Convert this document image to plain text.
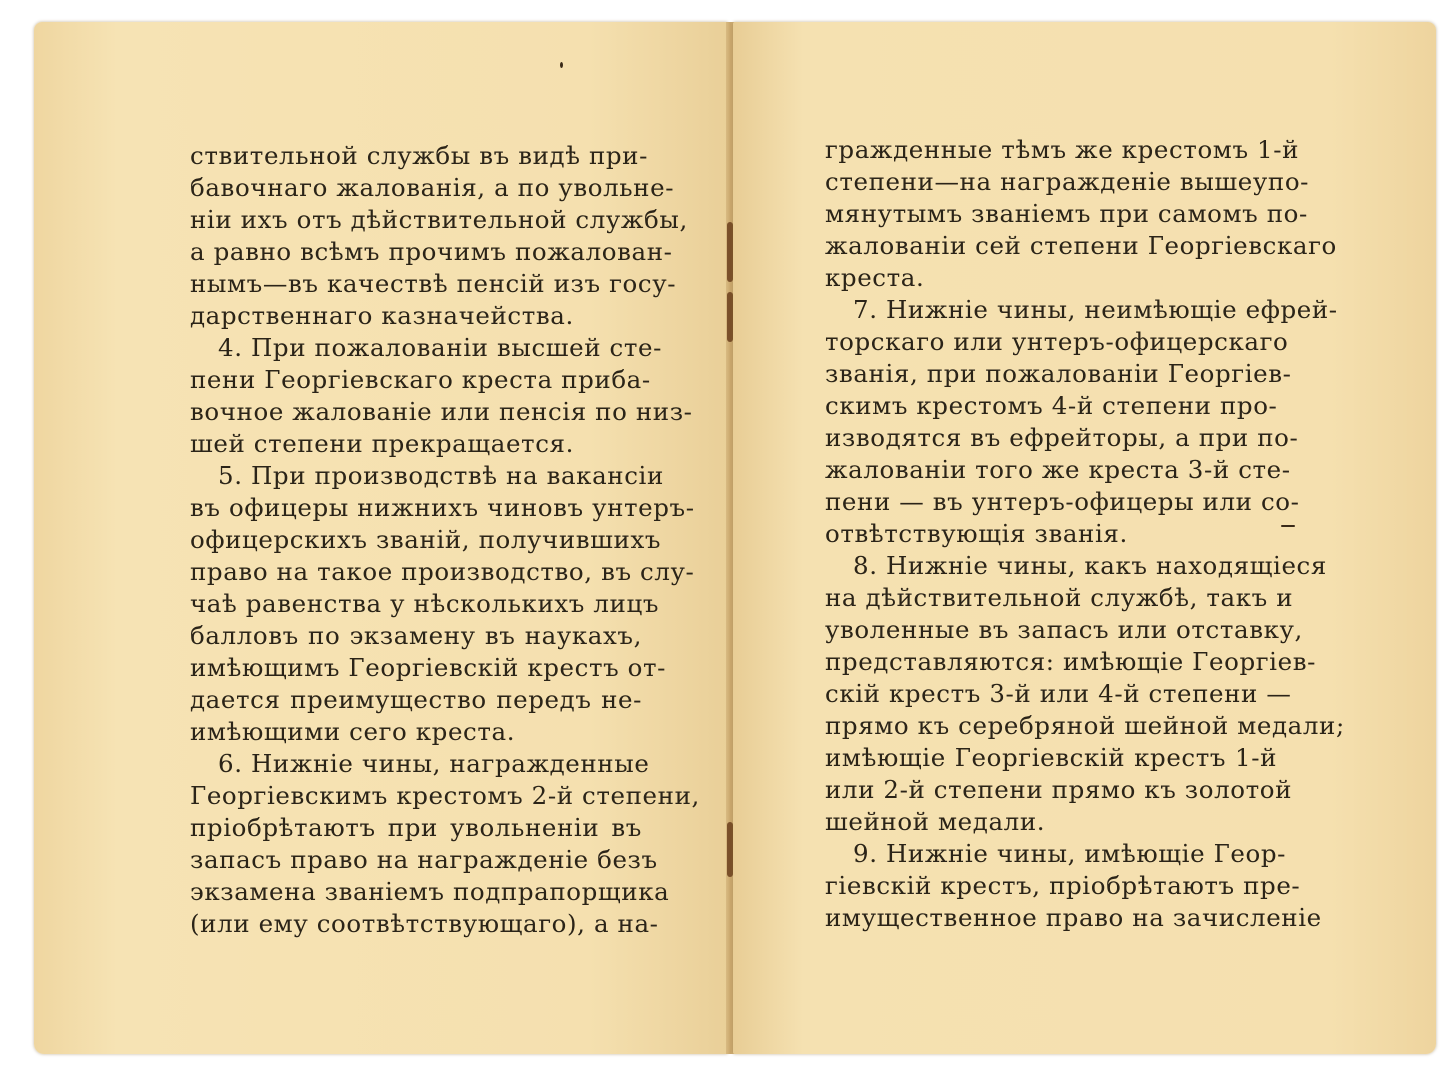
ствительной службы въ видѣ при-
бавочнаго жалованія, а по увольне-
ніи ихъ отъ дѣйствительной службы,
а равно всѣмъ прочимъ пожалован-
нымъ—въ качествѣ пенсій изъ госу-
дарственнаго казначейства.
4. При пожалованіи высшей сте-
пени Георгіевскаго креста приба-
вочное жалованіе или пенсія по низ-
шей степени прекращается.
5. При производствѣ на вакансіи
въ офицеры нижнихъ чиновъ унтеръ-
офицерскихъ званій, получившихъ
право на такое производство, въ слу-
чаѣ равенства у нѣсколькихъ лицъ
балловъ по экзамену въ наукахъ,
имѣющимъ Георгіевскій крестъ от-
дается преимущество передъ не-
имѣющими сего креста.
6. Нижніе чины, награжденные
Георгіевскимъ крестомъ 2-й степени,
пріобрѣтаютъ при увольненіи въ
запасъ право на награжденіе безъ
экзамена званіемъ подпрапорщика
(или ему соотвѣтствующаго), а на-
гражденные тѣмъ же крестомъ 1-й
степени—на награжденіе вышеупо-
мянутымъ званіемъ при самомъ по-
жалованіи сей степени Георгіевскаго
креста.
7. Нижніе чины, неимѣющіе ефрей-
торскаго или унтеръ-офицерскаго
званія, при пожалованіи Георгіев-
скимъ крестомъ 4-й степени про-
изводятся въ ефрейторы, а при по-
жалованіи того же креста 3-й сте-
пени — въ унтеръ-офицеры или со-
отвѣтствующія званія.
8. Нижніе чины, какъ находящіеся
на дѣйствительной службѣ, такъ и
уволенные въ запасъ или отставку,
представляются: имѣющіе Георгіев-
скій крестъ 3-й или 4-й степени —
прямо къ серебряной шейной медали;
имѣющіе Георгіевскій крестъ 1-й
или 2-й степени прямо къ золотой
шейной медали.
9. Нижніе чины, имѣющіе Геор-
гіевскій крестъ, пріобрѣтаютъ пре-
имущественное право на зачисленіе
